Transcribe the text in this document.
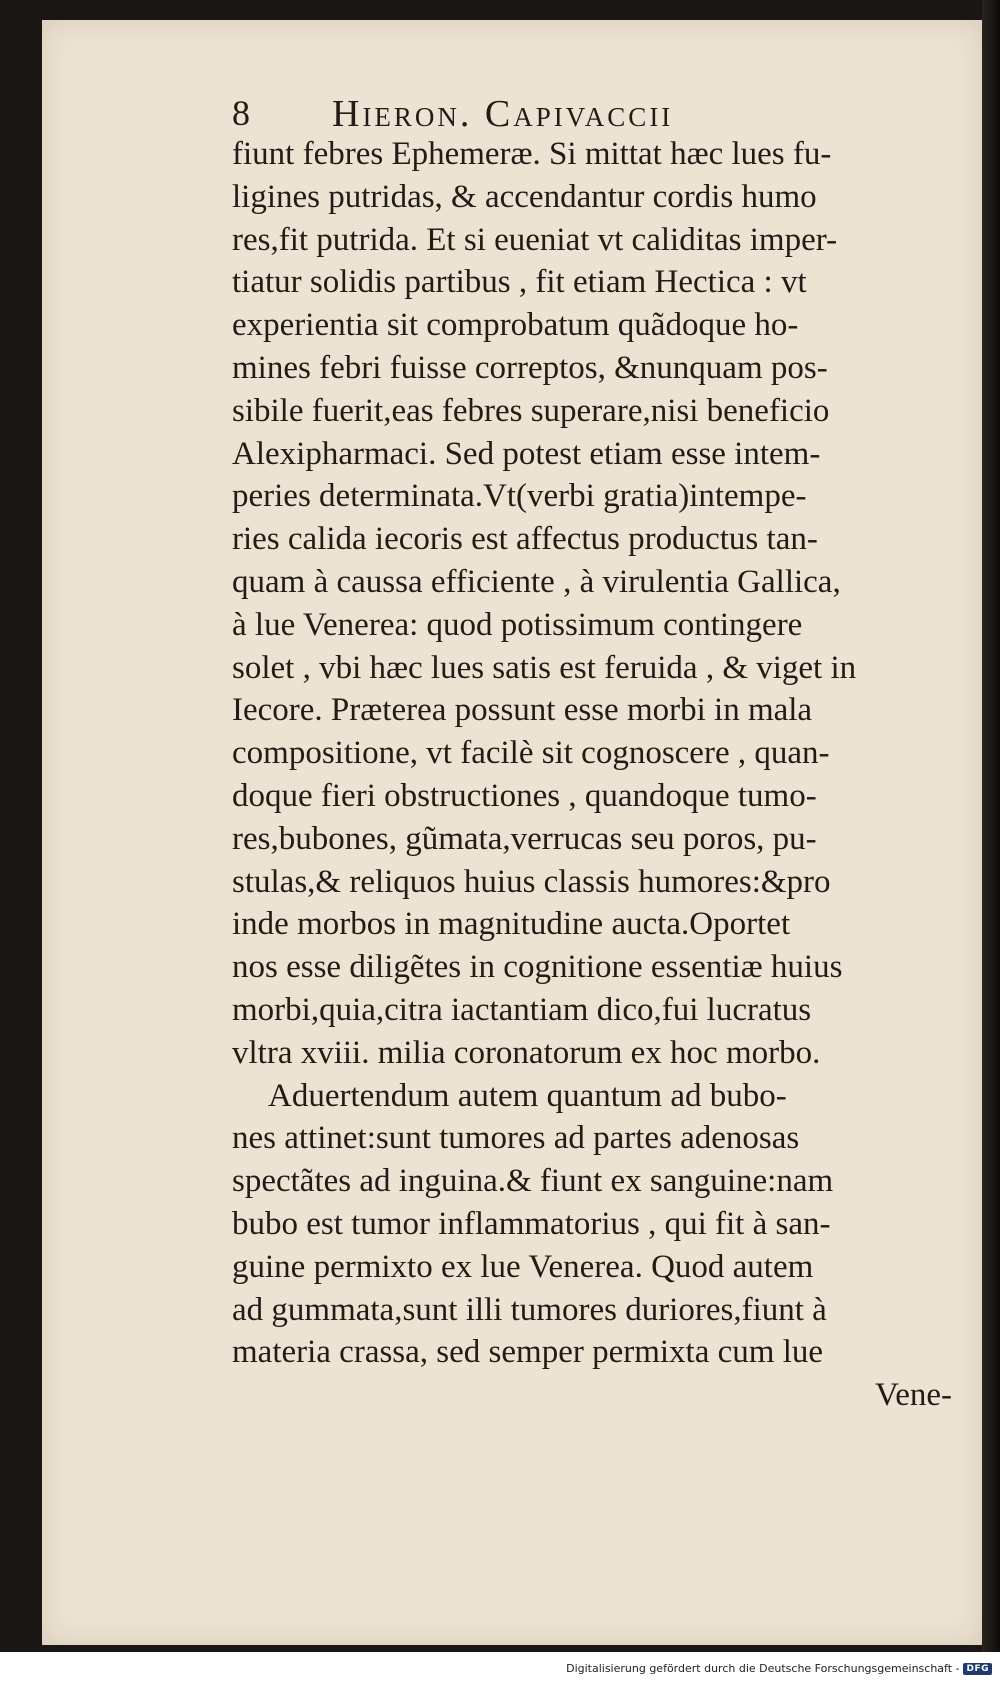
8 Hieron. Capivaccii
fiunt febres Ephemeræ. Si mittat hæc lues fu-
ligines putridas, & accendantur cordis humo
res,fit putrida. Et si eueniat vt caliditas imper-
tiatur solidis partibus , fit etiam Hectica : vt
experientia sit comprobatum quãdoque ho-
mines febri fuisse correptos, &nunquam pos-
sibile fuerit,eas febres superare,nisi beneficio
Alexipharmaci. Sed potest etiam esse intem-
peries determinata.Vt(verbi gratia)intempe-
ries calida iecoris est affectus productus tan-
quam à caussa efficiente , à virulentia Gallica,
à lue Venerea: quod potissimum contingere
solet , vbi hæc lues satis est feruida , & viget in
Iecore. Præterea possunt esse morbi in mala
compositione, vt facilè sit cognoscere , quan-
doque fieri obstructiones , quandoque tumo-
res,bubones, gũmata,verrucas seu poros, pu-
stulas,& reliquos huius classis humores:&pro
inde morbos in magnitudine aucta.Oportet
nos esse diligẽtes in cognitione essentiæ huius
morbi,quia,citra iactantiam dico,fui lucratus
vltra xviii. milia coronatorum ex hoc morbo.
Aduertendum autem quantum ad bubo-
nes attinet:sunt tumores ad partes adenosas
spectãtes ad inguina.& fiunt ex sanguine:nam
bubo est tumor inflammatorius , qui fit à san-
guine permixto ex lue Venerea. Quod autem
ad gummata,sunt illi tumores duriores,fiunt à
materia crassa, sed semper permixta cum lue
Vene-
Digitalisierung gefördert durch die Deutsche Forschungsgemeinschaft - DFG
